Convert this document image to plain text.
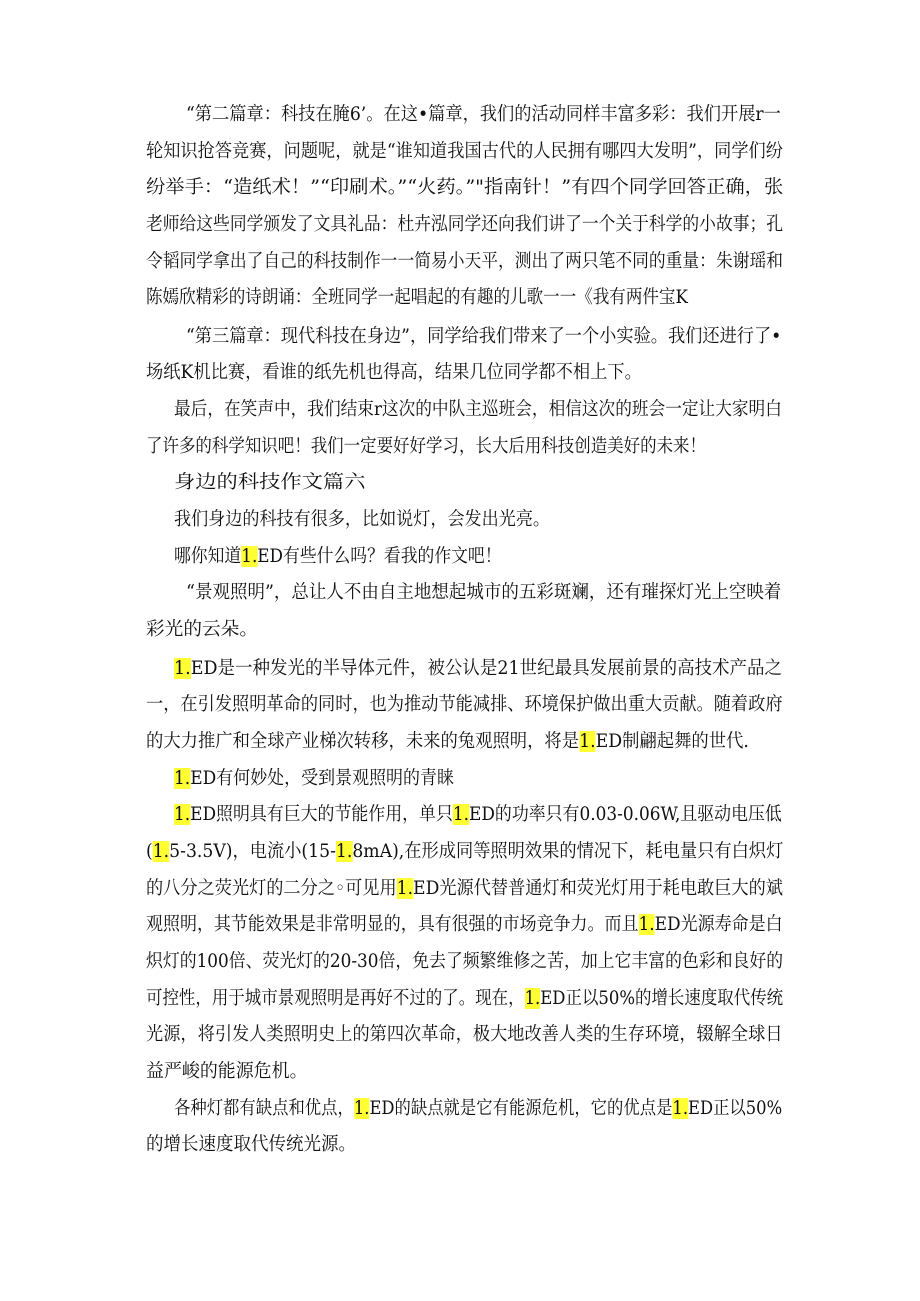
“第二篇章：科技在腌6’。在这•篇章，我们的活动同样丰富多彩：我们开展r一

轮知识抢答竞赛，问题呢，就是“谁知道我国古代的人民拥有哪四大发明”，同学们纷

纷举手：“造纸术！”“印刷术。”“火药。”"指南针！”有四个同学回答正确，张

老师给这些同学颁发了文具礼品：杜卉泓同学还向我们讲了一个关于科学的小故事；孔

令韬同学拿出了自己的科技制作一一简易小天平，测出了两只笔不同的重量：朱谢瑶和

陈嫣欣精彩的诗朗诵：全班同学一起唱起的有趣的儿歌一一《我有两件宝K

“第三篇章：现代科技在身边”，同学给我们带来了一个小实验。我们还进行了•

场纸K机比赛，看谁的纸先机也得高，结果几位同学都不相上下。

最后，在笑声中，我们结束r这次的中队主巡班会，相信这次的班会一定让大家明白

了许多的科学知识吧！我们一定要好好学习，长大后用科技创造美好的未来！

身边的科技作文篇六

我们身边的科技有很多，比如说灯，会发出光亮。

哪你知道1.ED有些什么吗？看我的作文吧！

“景观照明”，总让人不由自主地想起城市的五彩斑斓，还有璀探灯光上空映着

彩光的云朵。

1.ED是一种发光的半导体元件，被公认是21世纪最具发展前景的高技术产品之

一，在引发照明革命的同时，也为推动节能减排、环境保护做出重大贡献。随着政府

的大力推广和全球产业梯次转移，未来的兔观照明，将是1.ED制翩起舞的世代.

1.ED有何妙处，受到景观照明的青睐

1.ED照明具有巨大的节能作用，单只1.ED的功率只有0.03-0.06W,且驱动电压低

(1.5-3.5V)，电流小(15-1.8mA),在形成同等照明效果的情况下，耗电量只有白炽灯

的八分之荧光灯的二分之◦可见用1.ED光源代替普通灯和荧光灯用于耗电敢巨大的斌

观照明，其节能效果是非常明显的，具有很强的市场竞争力。而且1.ED光源寿命是白

炽灯的100倍、荧光灯的20-30倍，免去了频繁维修之苦，加上它丰富的色彩和良好的

可控性，用于城市景观照明是再好不过的了。现在，1.ED正以50%的增长速度取代传统

光源，将引发人类照明史上的第四次革命，极大地改善人类的生存环境，辍解全球日

益严峻的能源危机。

各种灯都有缺点和优点，1.ED的缺点就是它有能源危机，它的优点是1.ED正以50%

的增长速度取代传统光源。
